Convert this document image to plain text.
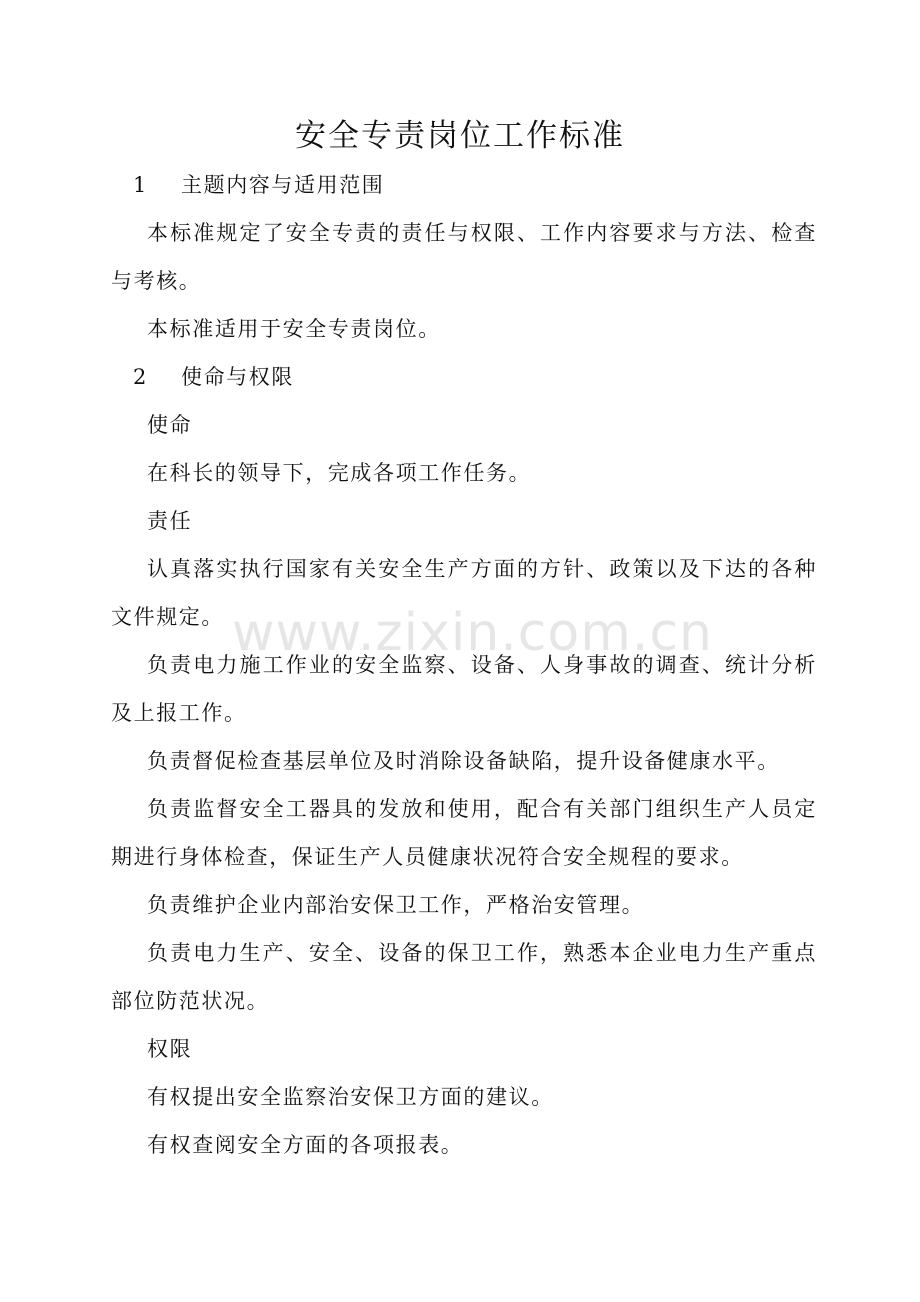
安全专责岗位工作标准

1 主题内容与适用范围

本标准规定了安全专责的责任与权限、工作内容要求与方法、检查与考核。

本标准适用于安全专责岗位。

2 使命与权限

使命

在科长的领导下，完成各项工作任务。

责任

认真落实执行国家有关安全生产方面的方针、政策以及下达的各种文件规定。

负责电力施工作业的安全监察、设备、人身事故的调查、统计分析及上报工作。

负责督促检查基层单位及时消除设备缺陷，提升设备健康水平。

负责监督安全工器具的发放和使用，配合有关部门组织生产人员定期进行身体检查，保证生产人员健康状况符合安全规程的要求。

负责维护企业内部治安保卫工作，严格治安管理。

负责电力生产、安全、设备的保卫工作，熟悉本企业电力生产重点部位防范状况。

权限

有权提出安全监察治安保卫方面的建议。

有权查阅安全方面的各项报表。

www.zixin.com.cn
